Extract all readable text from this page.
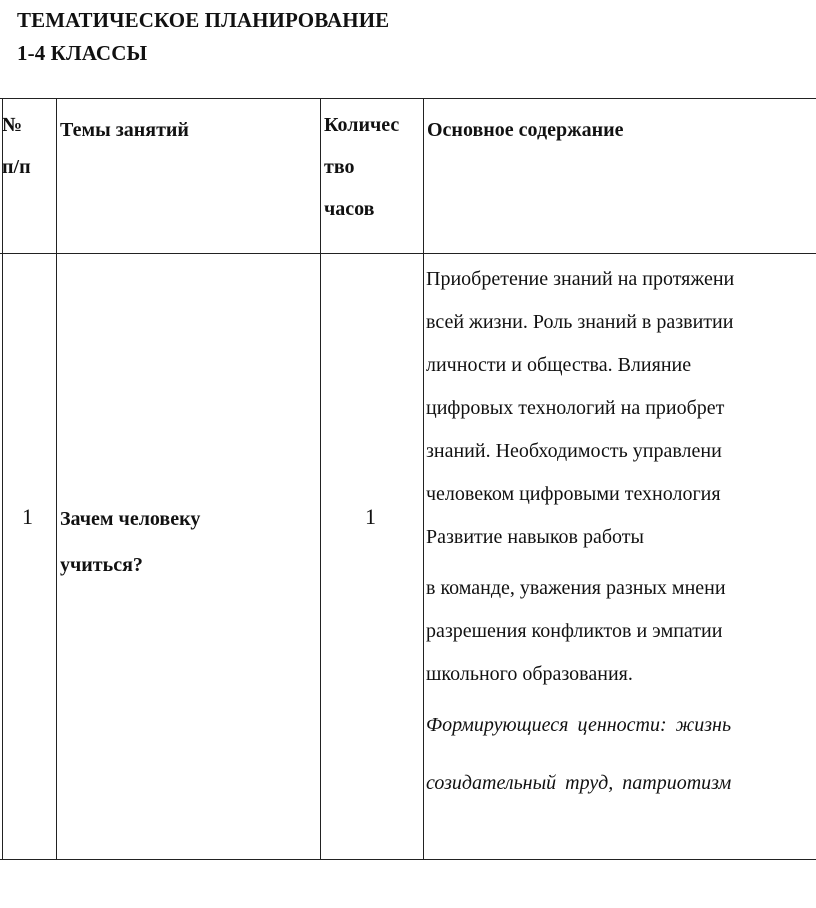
ТЕМАТИЧЕСКОЕ ПЛАНИРОВАНИЕ
1-4 КЛАССЫ
№
п/п
Темы занятий	Количес
тво
часов
Основное содержание
1 Зачем человеку
учиться?
1
Приобретение знаний на протяжени
всей жизни. Роль знаний в развитии
личности и общества. Влияние
цифровых технологий на приобрет
знаний. Необходимость управлени
человеком цифровыми технология
Развитие навыков работы
в команде, уважения разных мнени
разрешения конфликтов и эмпатии
школьного образования.
Формирующиеся ценности: жизнь
созидательный труд, патриотизм
